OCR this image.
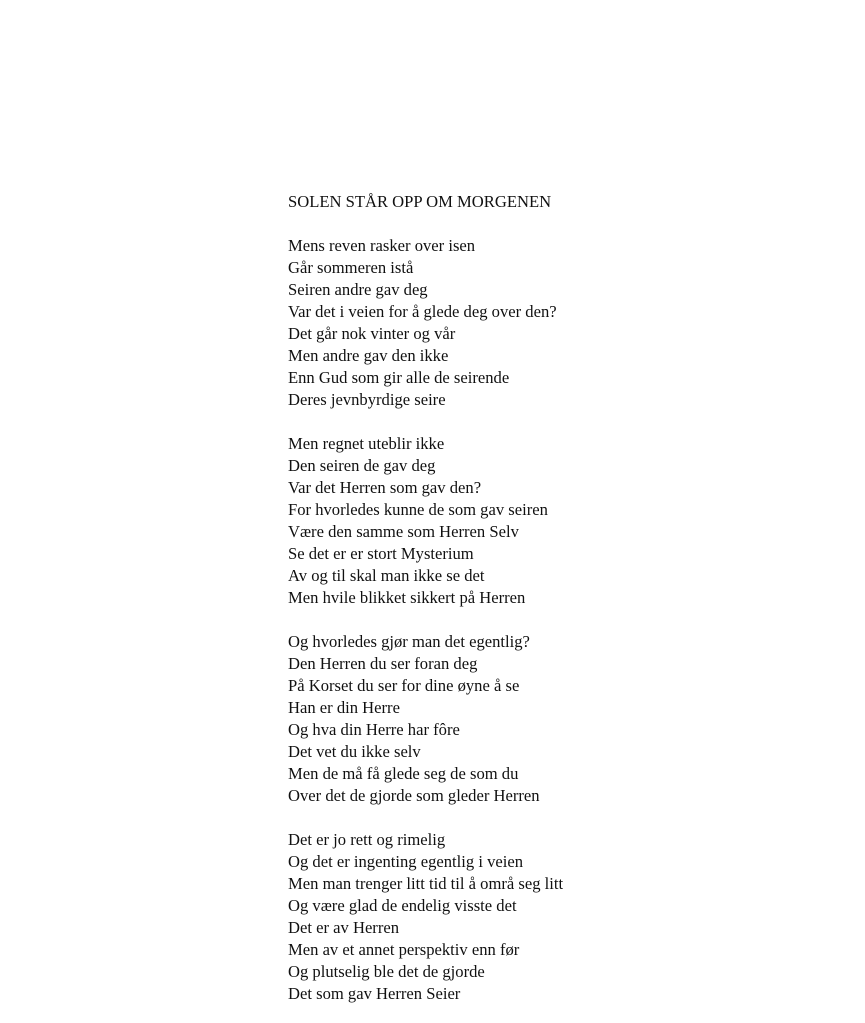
SOLEN STÅR OPP OM MORGENEN
Mens reven rasker over isen
Går sommeren istå
Seiren andre gav deg
Var det i veien for å glede deg over den?
Det går nok vinter og vår
Men andre gav den ikke
Enn Gud som gir alle de seirende
Deres jevnbyrdige seire
Men regnet uteblir ikke
Den seiren de gav deg
Var det Herren som gav den?
For hvorledes kunne de som gav seiren
Være den samme som Herren Selv
Se det er er stort Mysterium
Av og til skal man ikke se det
Men hvile blikket sikkert på Herren
Og hvorledes gjør man det egentlig?
Den Herren du ser foran deg
På Korset du ser for dine øyne å se
Han er din Herre
Og hva din Herre har fôre
Det vet du ikke selv
Men de må få glede seg de som du
Over det de gjorde som gleder Herren
Det er jo rett og rimelig
Og det er ingenting egentlig i veien
Men man trenger litt tid til å områ seg litt
Og være glad de endelig visste det
Det er av Herren
Men av et annet perspektiv enn før
Og plutselig ble det de gjorde
Det som gav Herren Seier
